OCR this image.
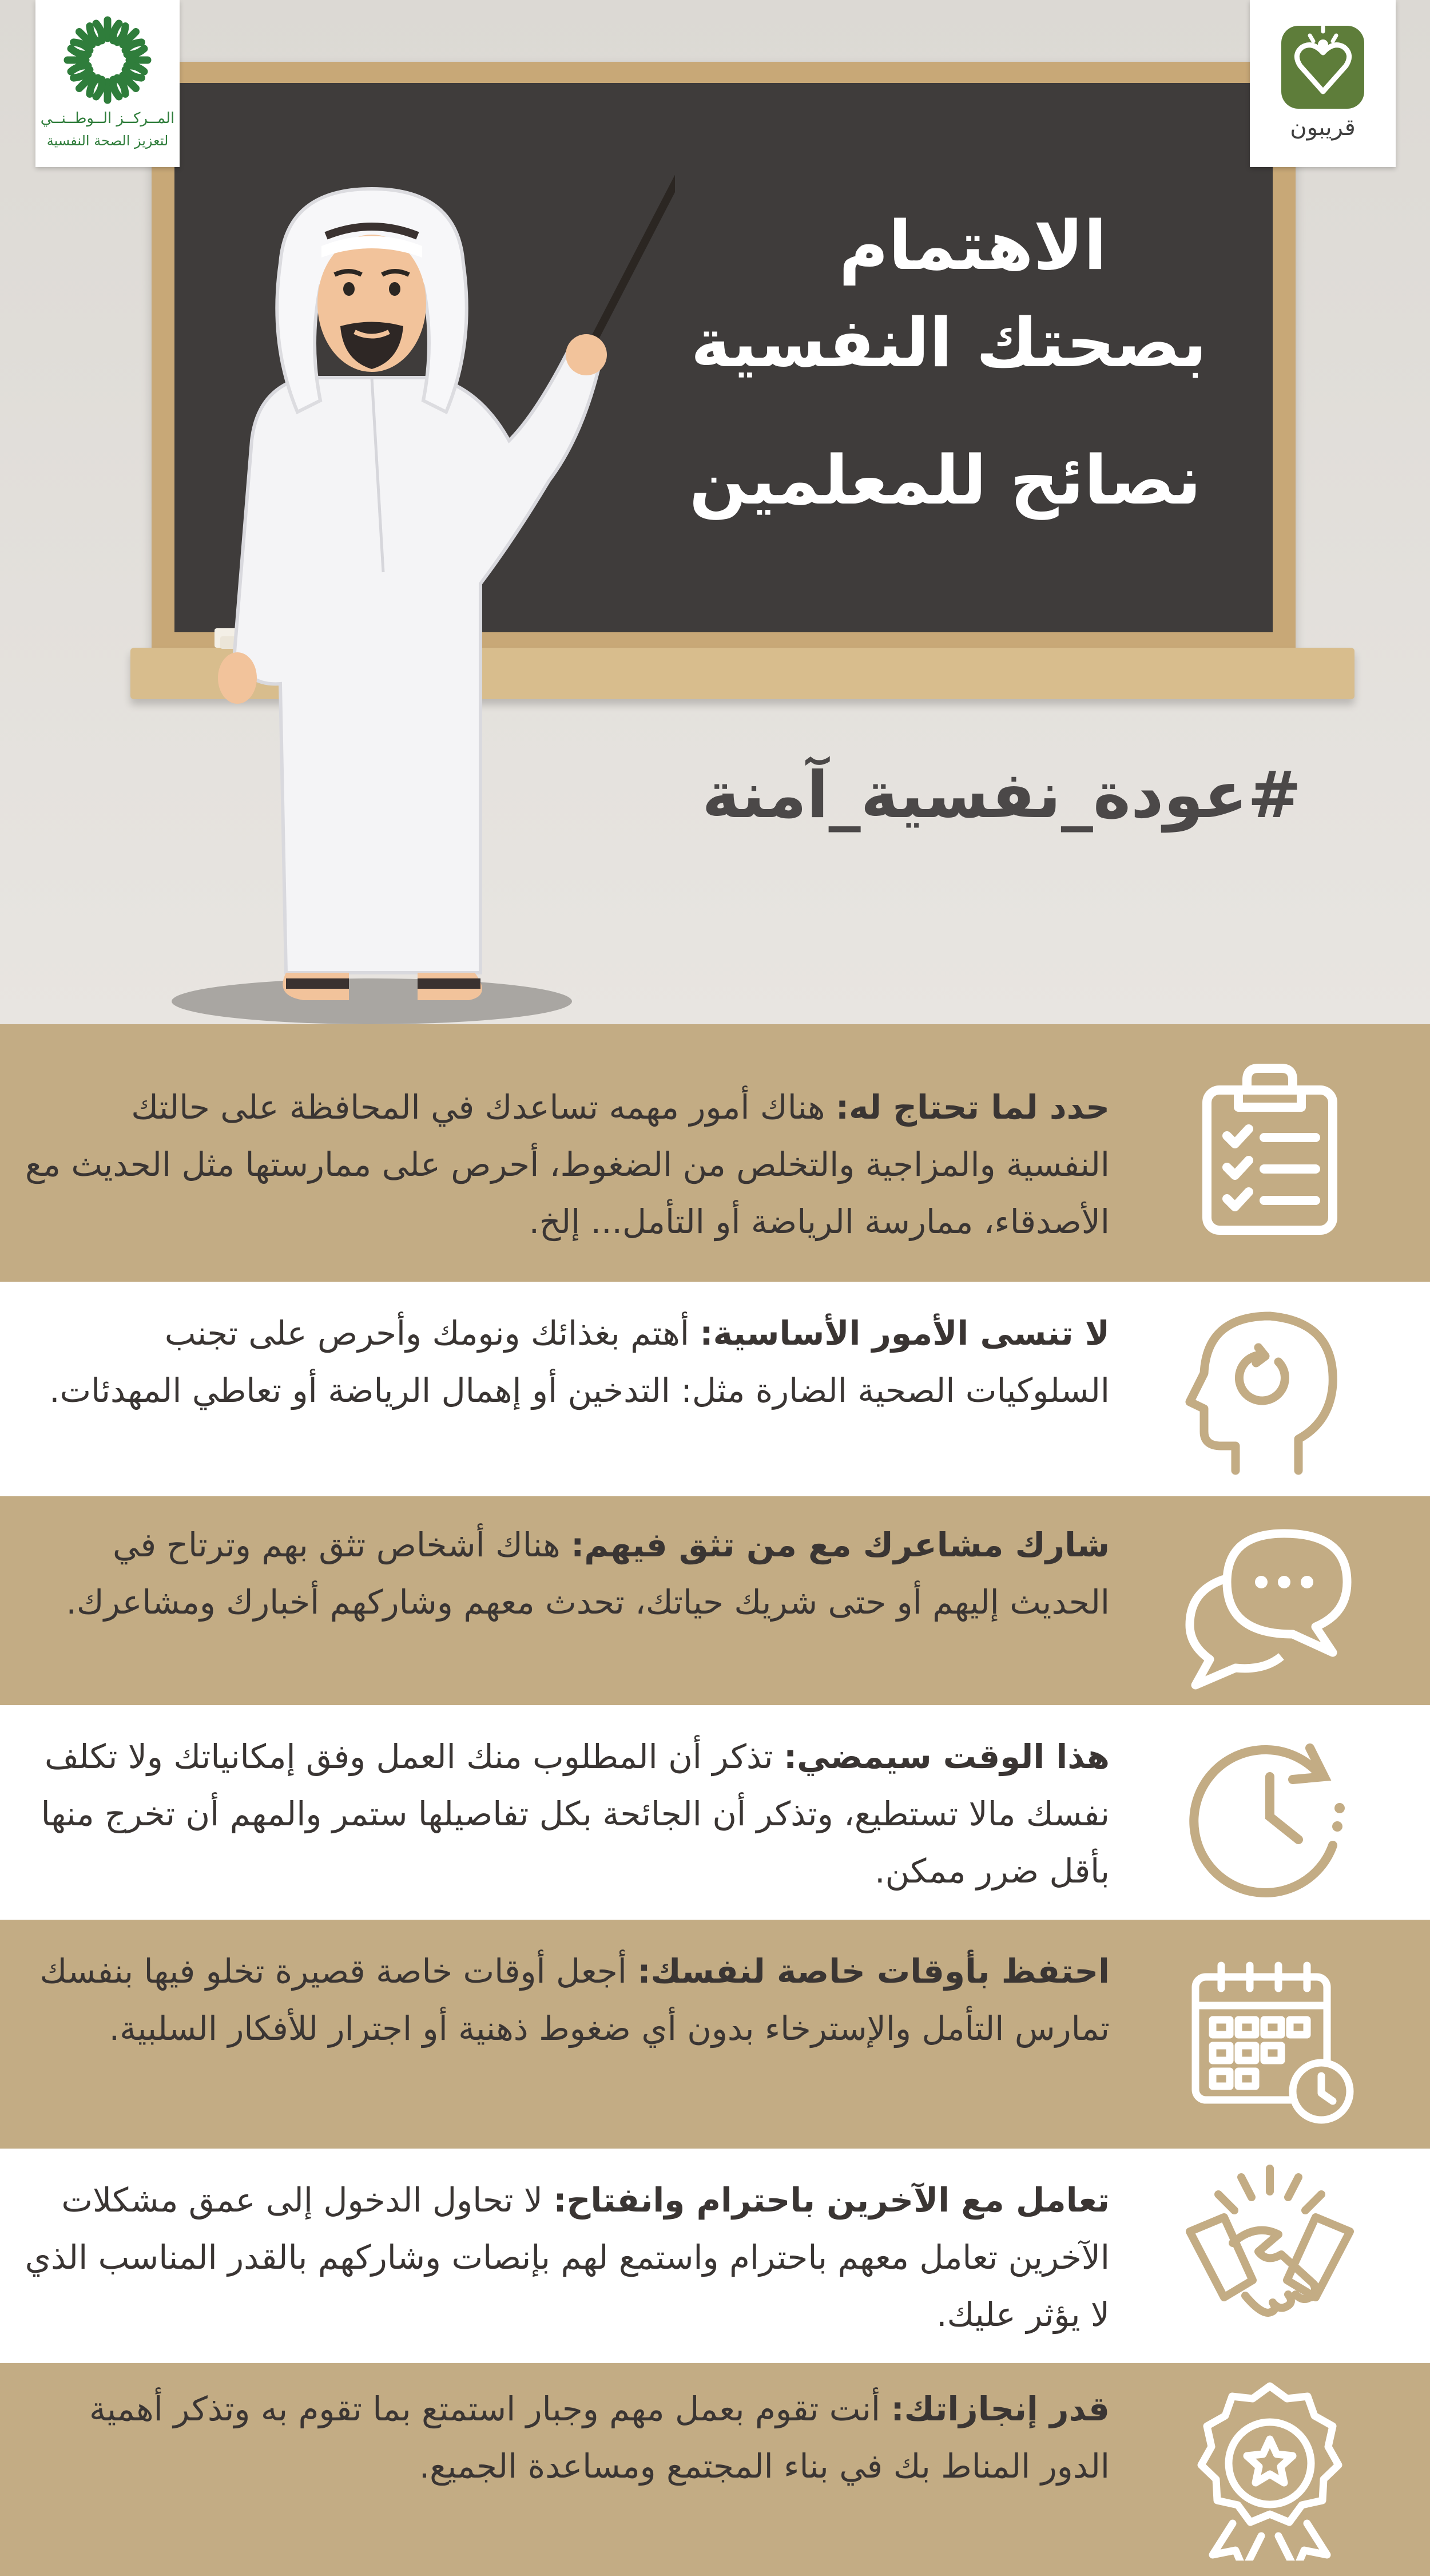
الاهتمام
بصحتك النفسية
نصائح للمعلمين
#عودة_نفسية_آمنة
المــركــز الــوطــنــي
لتعزيز الصحة النفسية	قريبون
حدد لما تحتاج له: هناك أمور مهمه تساعدك في المحافظة على حالتك النفسية والمزاجية والتخلص من الضغوط، أحرص على ممارستها مثل الحديث مع الأصدقاء، ممارسة الرياضة أو التأمل... إلخ.
لا تنسى الأمور الأساسية: أهتم بغذائك ونومك وأحرص على تجنب السلوكيات الصحية الضارة مثل: التدخين أو إهمال الرياضة أو تعاطي المهدئات.
شارك مشاعرك مع من تثق فيهم: هناك أشخاص تثق بهم وترتاح في الحديث إليهم أو حتى شريك حياتك، تحدث معهم وشاركهم أخبارك ومشاعرك.
هذا الوقت سيمضي: تذكر أن المطلوب منك العمل وفق إمكانياتك ولا تكلف نفسك مالا تستطيع، وتذكر أن الجائحة بكل تفاصيلها ستمر والمهم أن تخرج منها بأقل ضرر ممكن.
احتفظ بأوقات خاصة لنفسك: أجعل أوقات خاصة قصيرة تخلو فيها بنفسك تمارس التأمل والإسترخاء بدون أي ضغوط ذهنية أو اجترار للأفكار السلبية.
تعامل مع الآخرين باحترام وانفتاح: لا تحاول الدخول إلى عمق مشكلات الآخرين تعامل معهم باحترام واستمع لهم بإنصات وشاركهم بالقدر المناسب الذي لا يؤثر عليك.
قدر إنجازاتك: أنت تقوم بعمل مهم وجبار استمتع بما تقوم به وتذكر أهمية الدور المناط بك في بناء المجتمع ومساعدة الجميع.
